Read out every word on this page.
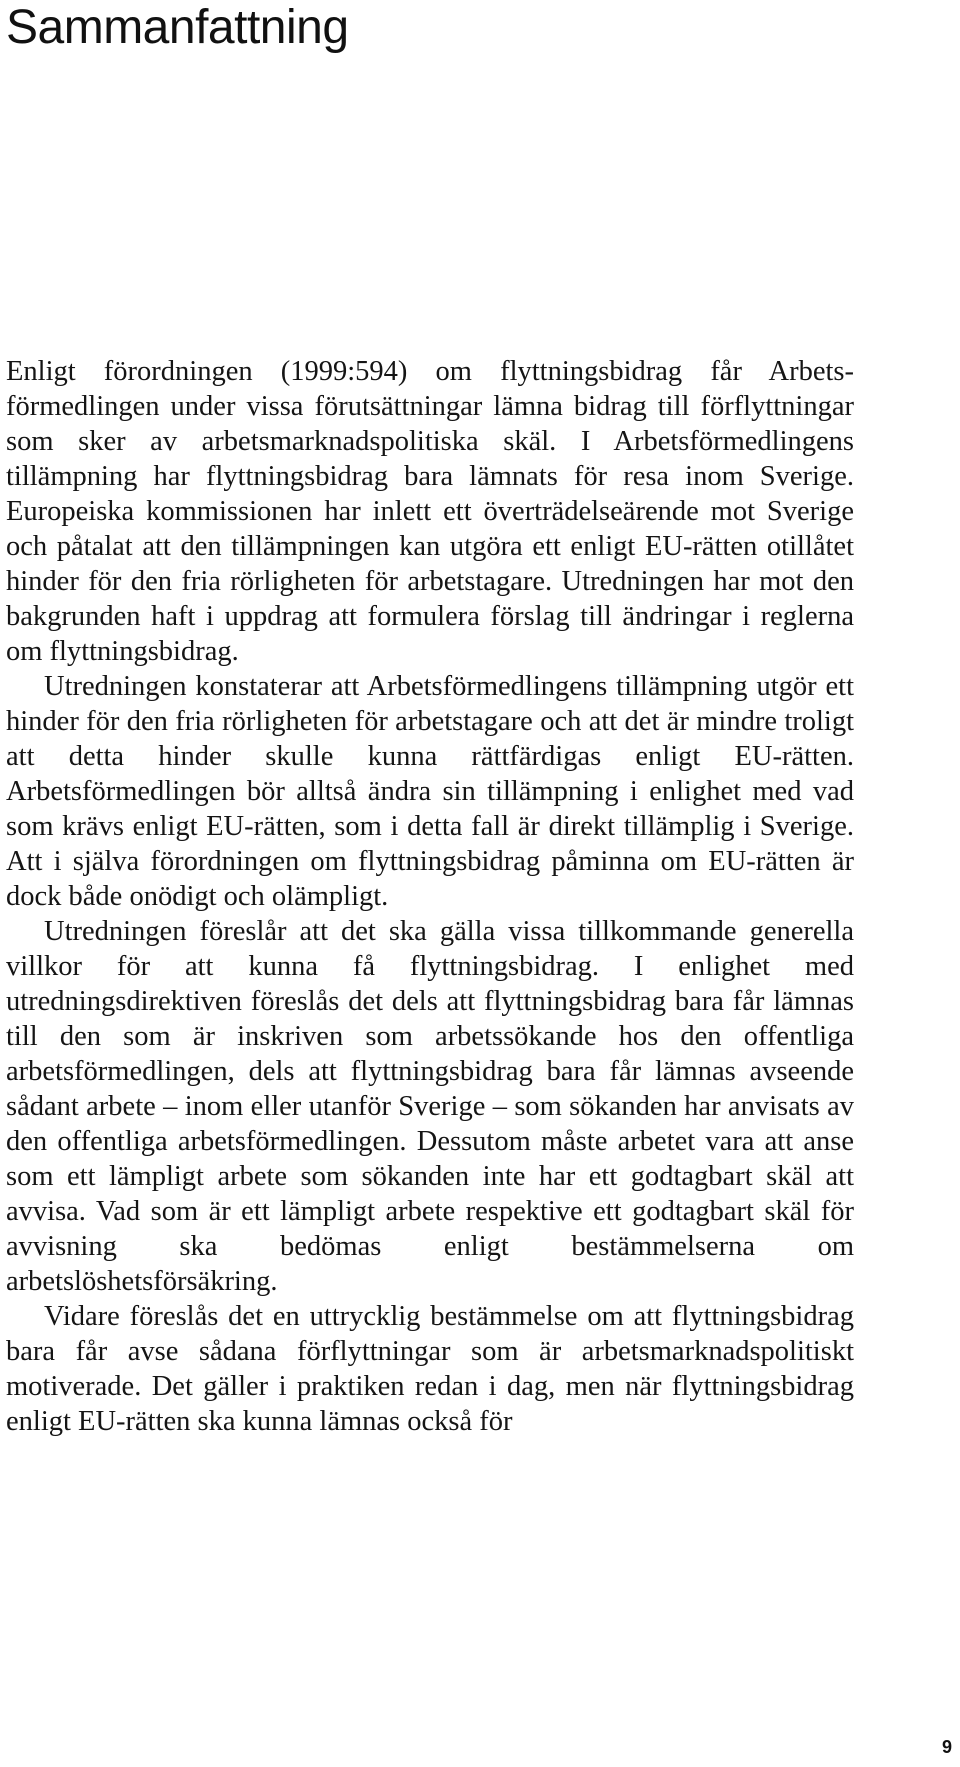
Sammanfattning

Enligt förordningen (1999:594) om flyttningsbidrag får Arbetsförmedlingen under vissa förutsättningar lämna bidrag till förflyttningar som sker av arbetsmarknadspolitiska skäl. I Arbetsförmedlingens tillämpning har flyttningsbidrag bara lämnats för resa inom Sverige. Europeiska kommissionen har inlett ett överträdelseärende mot Sverige och påtalat att den tillämpningen kan utgöra ett enligt EU-rätten otillåtet hinder för den fria rörligheten för arbetstagare. Utredningen har mot den bakgrunden haft i uppdrag att formulera förslag till ändringar i reglerna om flyttningsbidrag.

Utredningen konstaterar att Arbetsförmedlingens tillämpning utgör ett hinder för den fria rörligheten för arbetstagare och att det är mindre troligt att detta hinder skulle kunna rättfärdigas enligt EU-rätten. Arbetsförmedlingen bör alltså ändra sin tillämpning i enlighet med vad som krävs enligt EU-rätten, som i detta fall är direkt tillämplig i Sverige. Att i själva förordningen om flyttningsbidrag påminna om EU-rätten är dock både onödigt och olämpligt.

Utredningen föreslår att det ska gälla vissa tillkommande generella villkor för att kunna få flyttningsbidrag. I enlighet med utredningsdirektiven föreslås det dels att flyttningsbidrag bara får lämnas till den som är inskriven som arbetssökande hos den offentliga arbetsförmedlingen, dels att flyttningsbidrag bara får lämnas avseende sådant arbete – inom eller utanför Sverige – som sökanden har anvisats av den offentliga arbetsförmedlingen. Dessutom måste arbetet vara att anse som ett lämpligt arbete som sökanden inte har ett godtagbart skäl att avvisa. Vad som är ett lämpligt arbete respektive ett godtagbart skäl för avvisning ska bedömas enligt bestämmelserna om arbetslöshetsförsäkring.

Vidare föreslås det en uttrycklig bestämmelse om att flyttningsbidrag bara får avse sådana förflyttningar som är arbetsmarknadspolitiskt motiverade. Det gäller i praktiken redan i dag, men när flyttningsbidrag enligt EU-rätten ska kunna lämnas också för

9
